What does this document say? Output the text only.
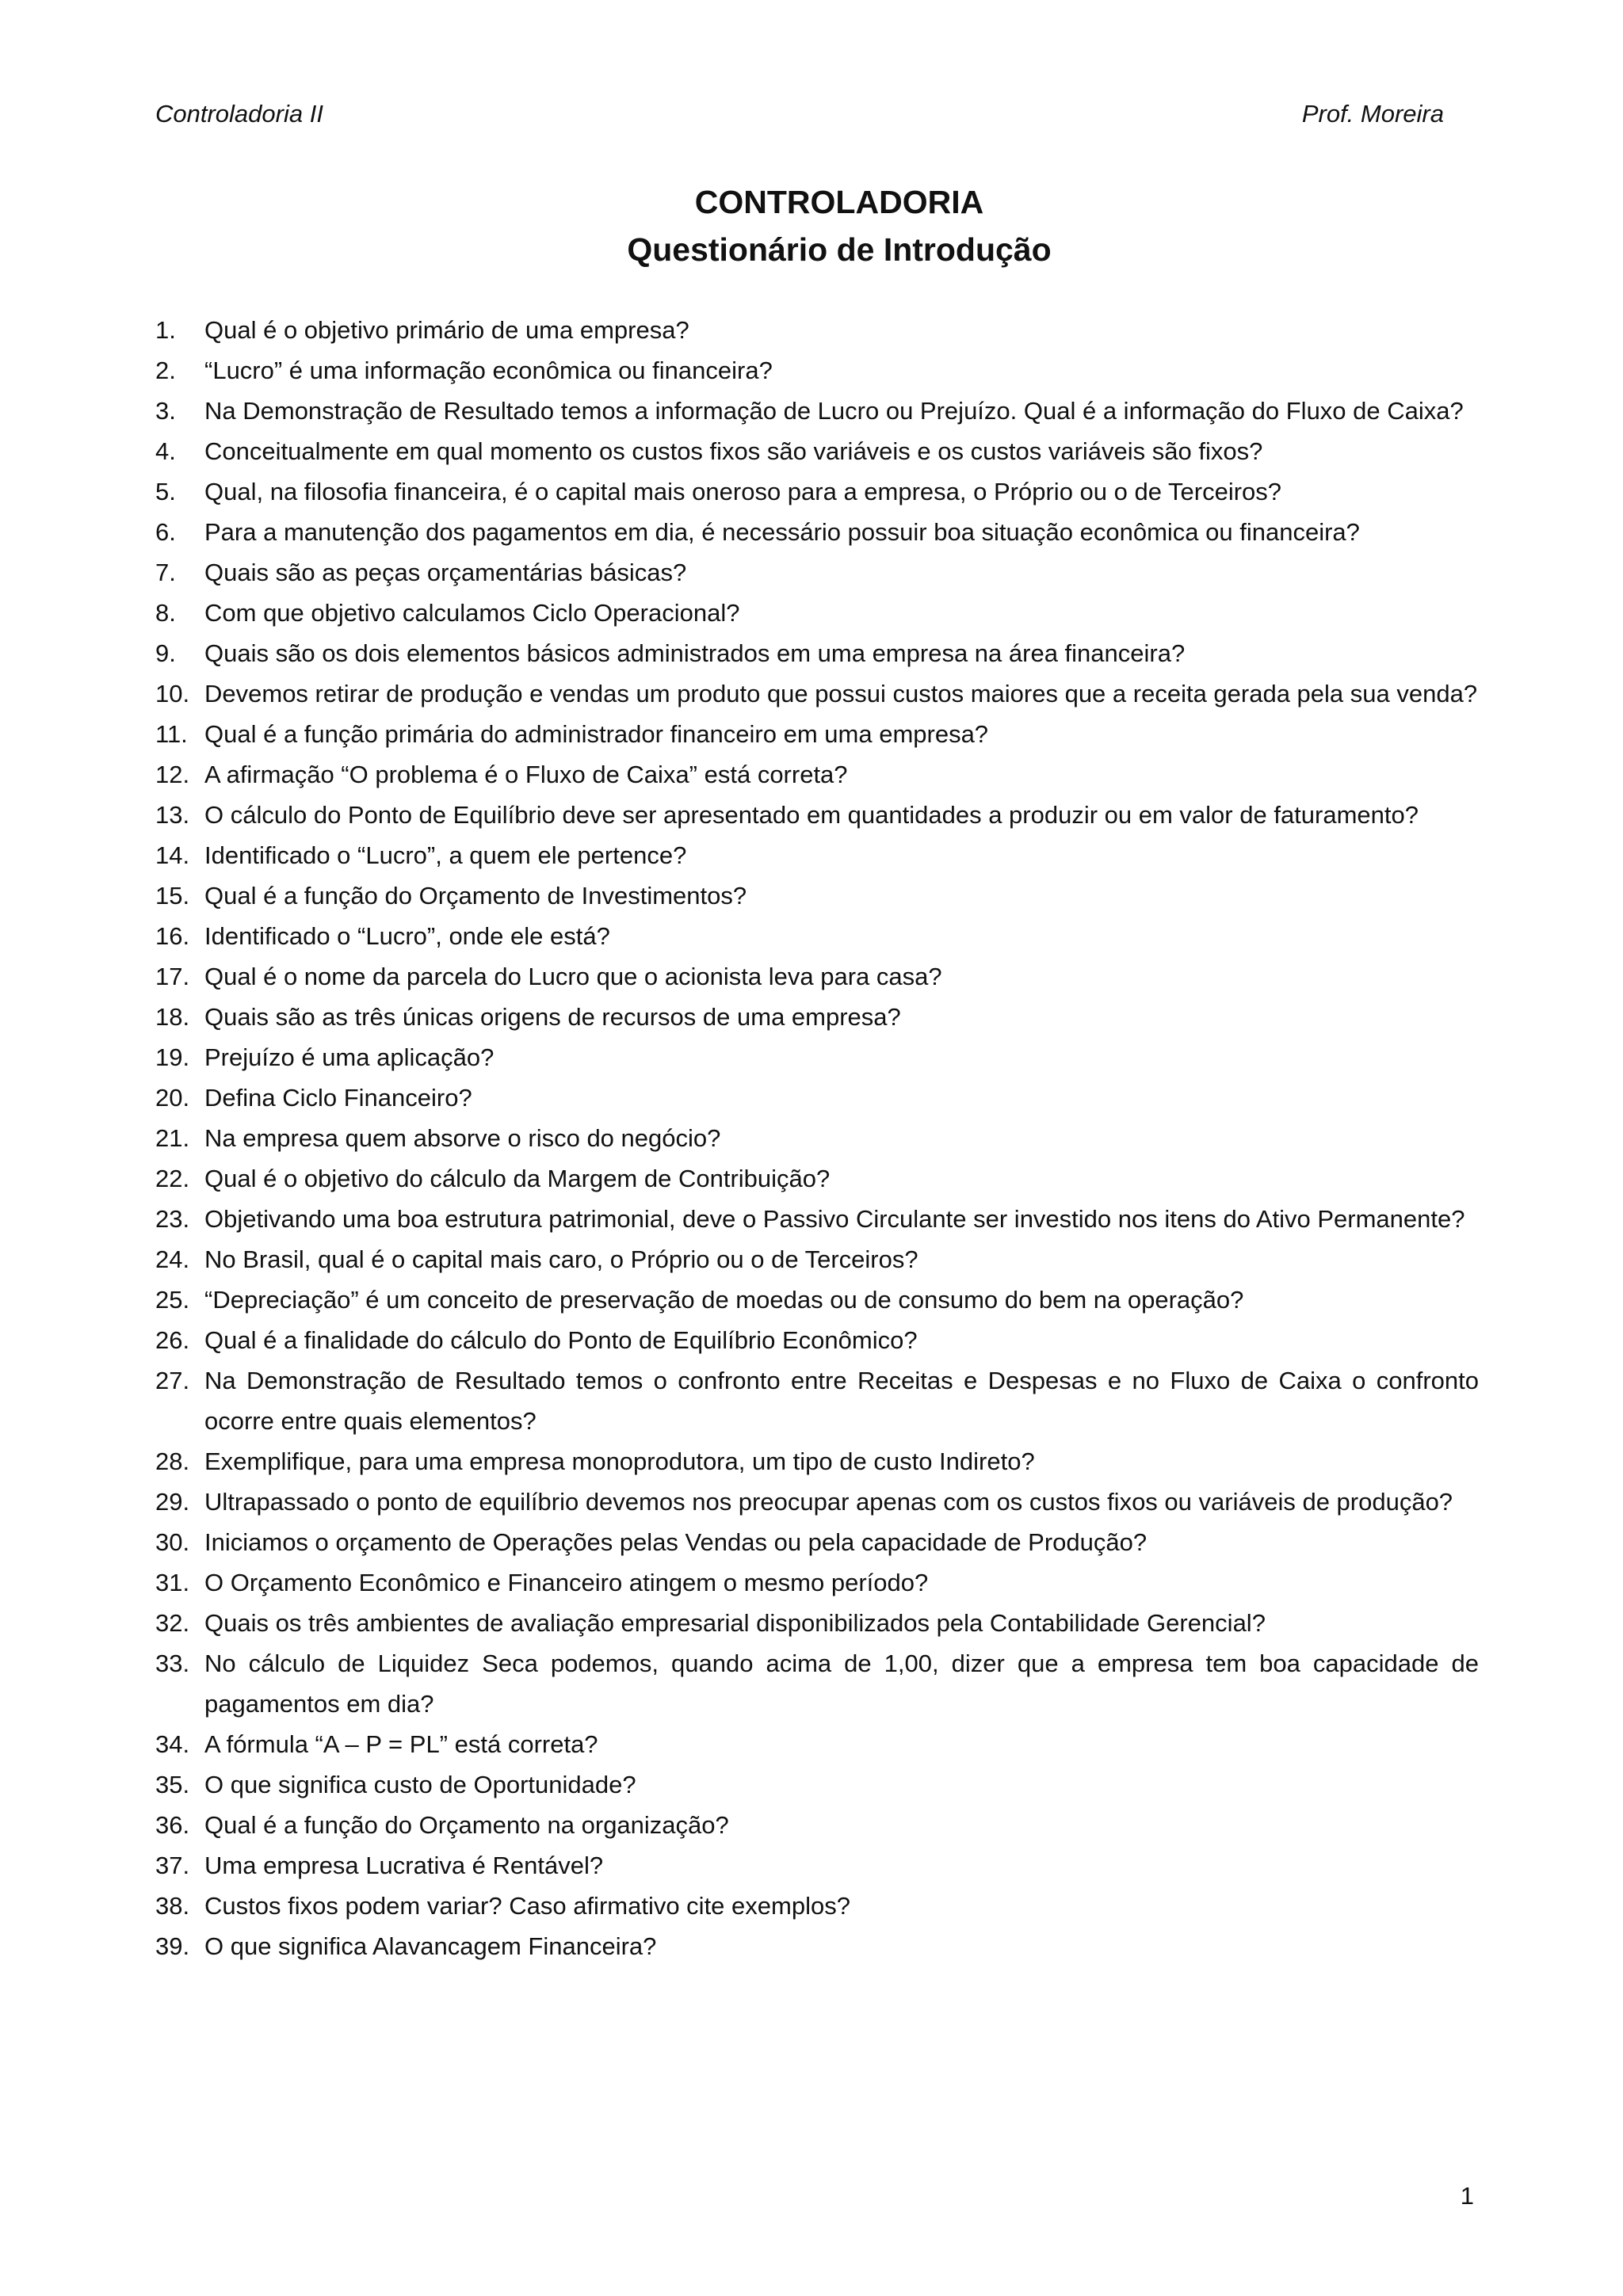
Controladoria II	Prof. Moreira
CONTROLADORIA
Questionário de Introdução
1.	Qual é o objetivo primário de uma empresa?
2.	“Lucro” é uma informação econômica ou financeira?
3.	Na Demonstração de Resultado temos a informação de Lucro ou Prejuízo. Qual é a informação do Fluxo de Caixa?
4.	Conceitualmente em qual momento os custos fixos são variáveis e os custos variáveis são fixos?
5.	Qual, na filosofia financeira, é o capital mais oneroso para a empresa, o Próprio ou o de Terceiros?
6.	Para a manutenção dos pagamentos em dia, é necessário possuir boa situação econômica ou financeira?
7.	Quais são as peças orçamentárias básicas?
8.	Com que objetivo calculamos Ciclo Operacional?
9.	Quais são os dois elementos básicos administrados em uma empresa na área financeira?
10. Devemos retirar de produção e vendas um produto que possui custos maiores que a receita gerada pela sua venda?
11. Qual é a função primária do administrador financeiro em uma empresa?
12. A afirmação “O problema é o Fluxo de Caixa” está correta?
13. O cálculo do Ponto de Equilíbrio deve ser apresentado em quantidades a produzir ou em valor de faturamento?
14. Identificado o “Lucro”, a quem ele pertence?
15. Qual é a função do Orçamento de Investimentos?
16. Identificado o “Lucro”, onde ele está?
17. Qual é o nome da parcela do Lucro que o acionista leva para casa?
18. Quais são as três únicas origens de recursos de uma empresa?
19. Prejuízo é uma aplicação?
20. Defina Ciclo Financeiro?
21. Na empresa quem absorve o risco do negócio?
22. Qual é o objetivo do cálculo da Margem de Contribuição?
23. Objetivando uma boa estrutura patrimonial, deve o Passivo Circulante ser investido nos itens do Ativo Permanente?
24. No Brasil, qual é o capital mais caro, o Próprio ou o de Terceiros?
25. “Depreciação” é um conceito de preservação de moedas ou de consumo do bem na operação?
26. Qual é a finalidade do cálculo do Ponto de Equilíbrio Econômico?
27. Na Demonstração de Resultado temos o confronto entre Receitas e Despesas e no Fluxo de Caixa o confronto ocorre entre quais elementos?
28. Exemplifique, para uma empresa monoprodutora, um tipo de custo Indireto?
29. Ultrapassado o ponto de equilíbrio devemos nos preocupar apenas com os custos fixos ou variáveis de produção?
30. Iniciamos o orçamento de Operações pelas Vendas ou pela capacidade de Produção?
31. O Orçamento Econômico e Financeiro atingem o mesmo período?
32. Quais os três ambientes de avaliação empresarial disponibilizados pela Contabilidade Gerencial?
33. No cálculo de Liquidez Seca podemos, quando acima de 1,00, dizer que a empresa tem boa capacidade de pagamentos em dia?
34. A fórmula “A – P = PL” está correta?
35. O que significa custo de Oportunidade?
36. Qual é a função do Orçamento na organização?
37. Uma empresa Lucrativa é Rentável?
38. Custos fixos podem variar? Caso afirmativo cite exemplos?
39. O que significa Alavancagem Financeira?
1
